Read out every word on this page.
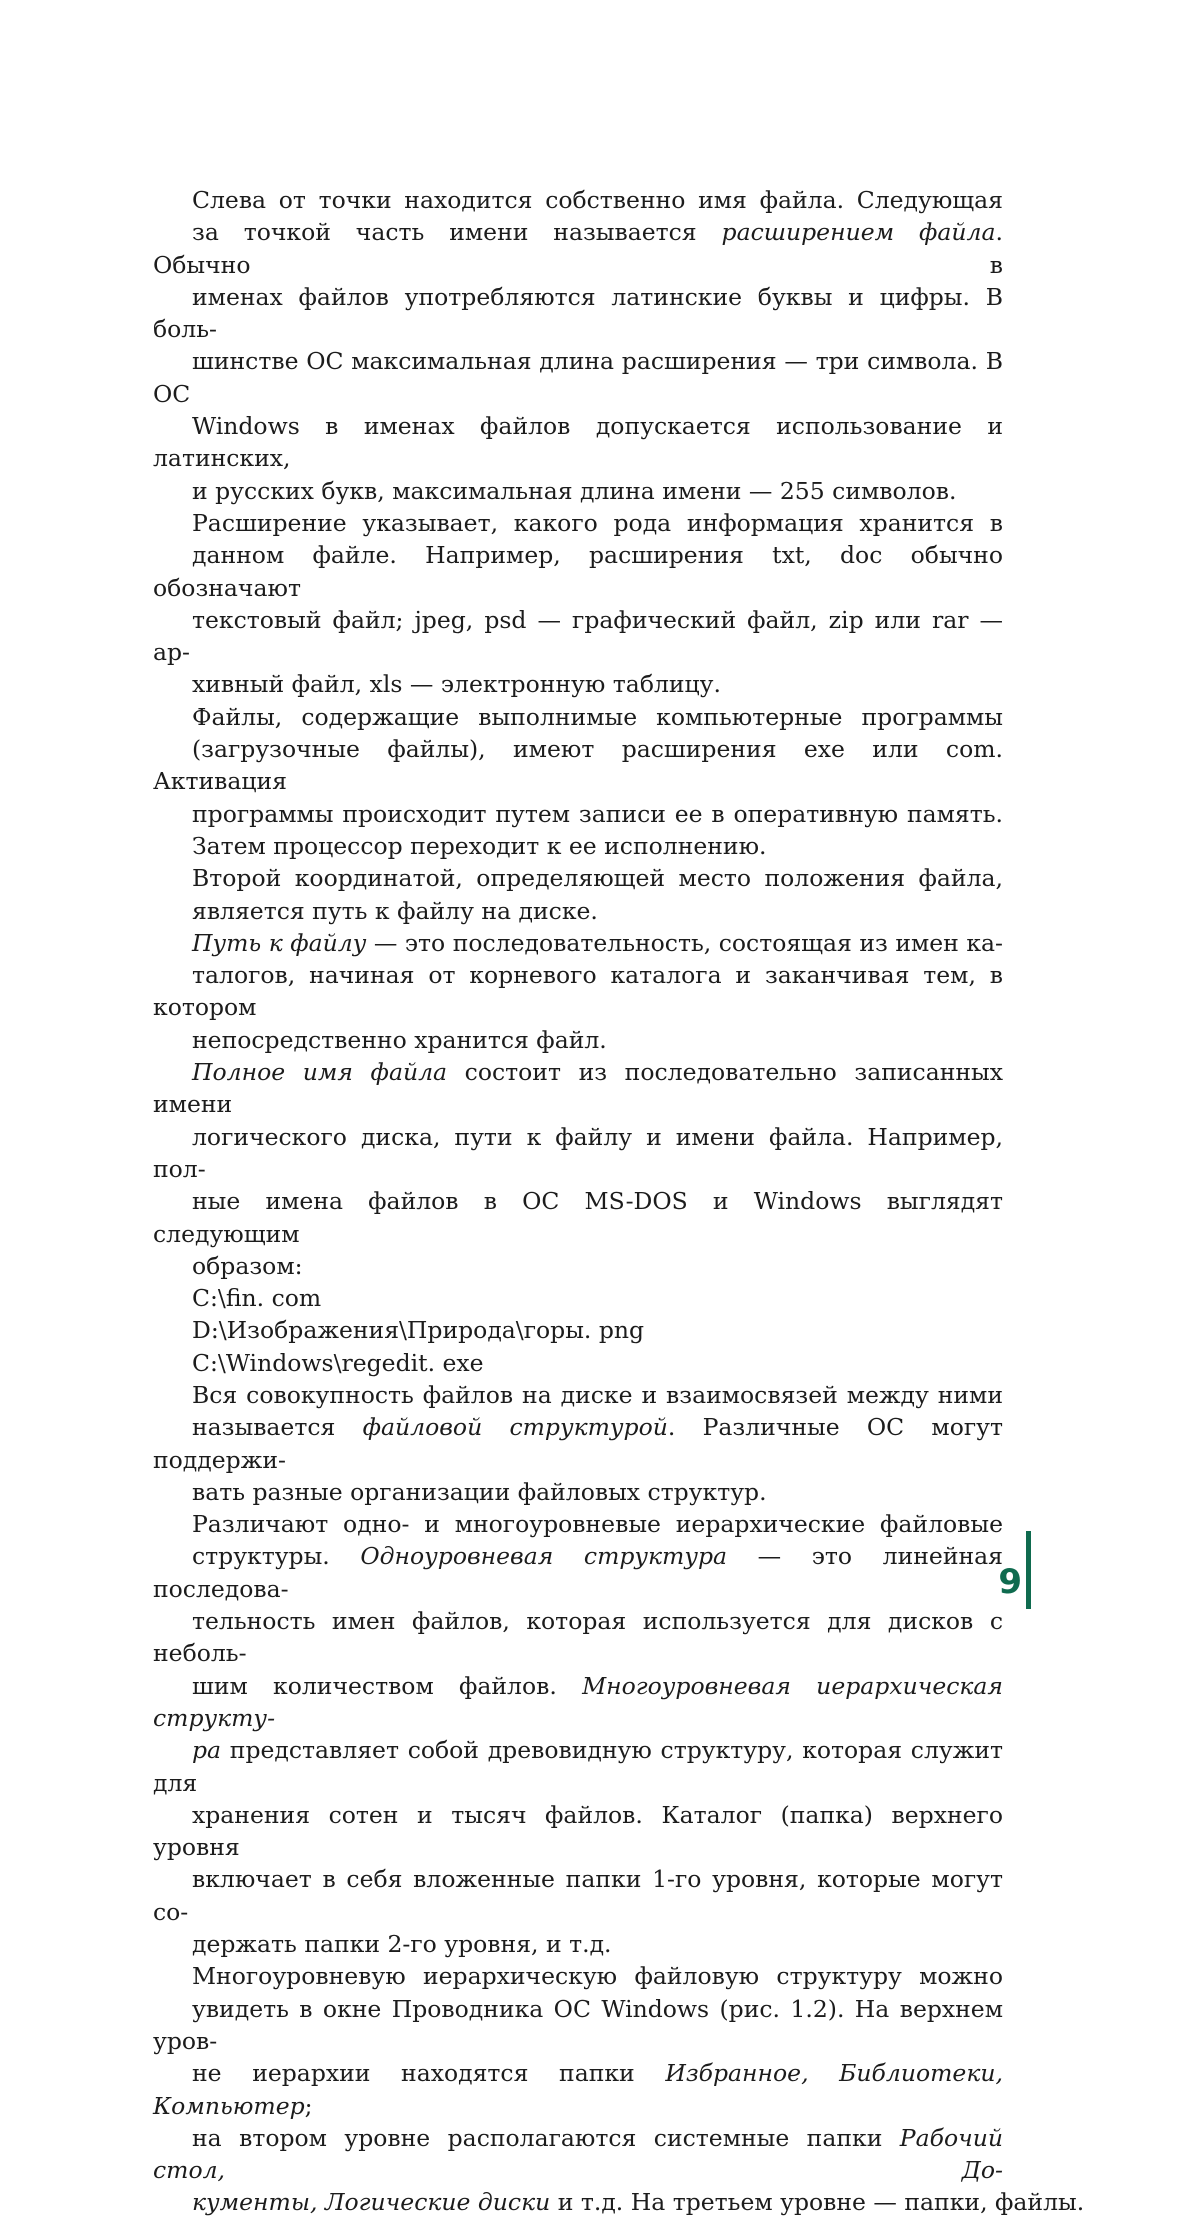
Слева от точки находится собственно имя файла. Следующая
за точкой часть имени называется расширением файла. Обычно в
именах файлов употребляются латинские буквы и цифры. В боль-
шинстве ОС максимальная длина расширения — три символа. В ОС
Windows в именах файлов допускается использование и латинских,
и русских букв, максимальная длина имени — 255 символов.

Расширение указывает, какого рода информация хранится в
данном файле. Например, расширения txt, doc обычно обозначают
текстовый файл; jpeg, psd — графический файл, zip или rar — ар-
хивный файл, xls — электронную таблицу.

Файлы, содержащие выполнимые компьютерные программы
(загрузочные файлы), имеют расширения exe или com. Активация
программы происходит путем записи ее в оперативную память.
Затем процессор переходит к ее исполнению.

Второй координатой, определяющей место положения файла,
является путь к файлу на диске.

Путь к файлу — это последовательность, состоящая из имен ка-
талогов, начиная от корневого каталога и заканчивая тем, в котором
непосредственно хранится файл.

Полное имя файла состоит из последовательно записанных имени
логического диска, пути к файлу и имени файла. Например, пол-
ные имена файлов в ОС MS-DOS и Windows выглядят следующим
образом:

C:\fin. com

D:\Изображения\Природа\горы. png

C:\Windows\regedit. exe

Вся совокупность файлов на диске и взаимосвязей между ними
называется файловой структурой. Различные ОС могут поддержи-
вать разные организации файловых структур.

Различают одно- и многоуровневые иерархические файловые
структуры. Одноуровневая структура — это линейная последова-
тельность имен файлов, которая используется для дисков с неболь-
шим количеством файлов. Многоуровневая иерархическая структу-
ра представляет собой древовидную структуру, которая служит для
хранения сотен и тысяч файлов. Каталог (папка) верхнего уровня
включает в себя вложенные папки 1-го уровня, которые могут со-
держать папки 2-го уровня, и т.д.

Многоуровневую иерархическую файловую структуру можно
увидеть в окне Проводника ОС Windows (рис. 1.2). На верхнем уров-
не иерархии находятся папки Избранное, Библиотеки, Компьютер;
на втором уровне располагаются системные папки Рабочий стол, До-
кументы, Логические диски и т.д. На третьем уровне — папки, файлы.

9
